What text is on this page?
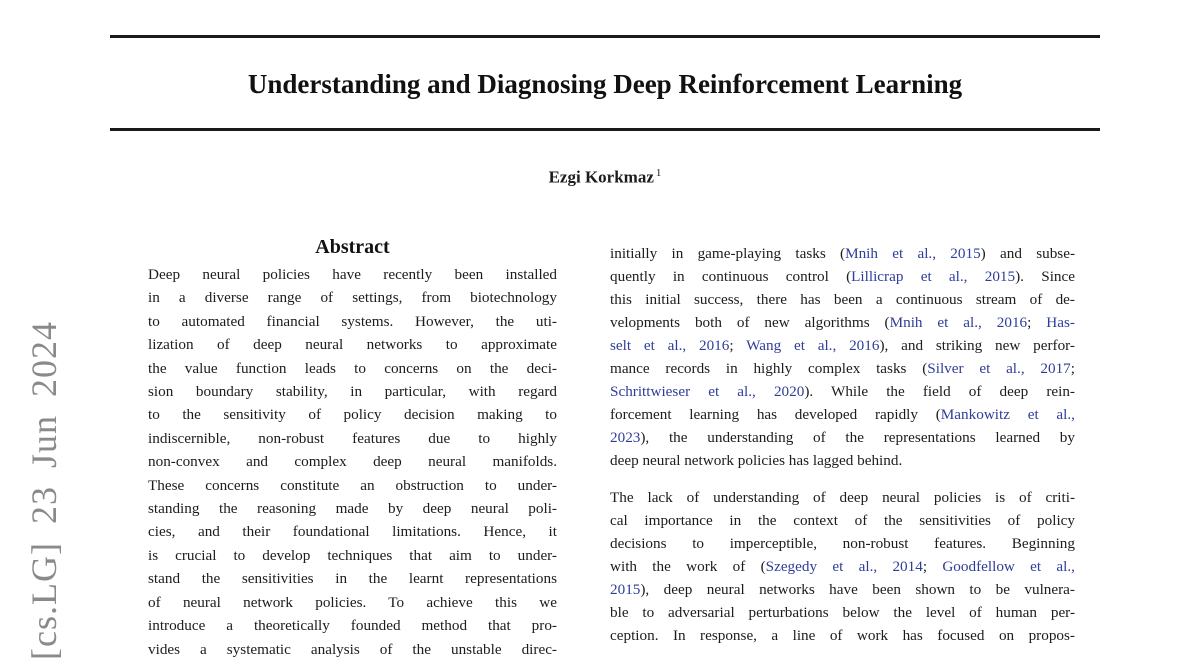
[cs.LG] 23 Jun 2024
Understanding and Diagnosing Deep Reinforcement Learning
Ezgi Korkmaz $^1$
Abstract
Deep neural policies have recently been installed
in a diverse range of settings, from biotechnology
to automated financial systems. However, the uti-
lization of deep neural networks to approximate
the value function leads to concerns on the deci-
sion boundary stability, in particular, with regard
to the sensitivity of policy decision making to
indiscernible, non-robust features due to highly
non-convex and complex deep neural manifolds.
These concerns constitute an obstruction to under-
standing the reasoning made by deep neural poli-
cies, and their foundational limitations. Hence, it
is crucial to develop techniques that aim to under-
stand the sensitivities in the learnt representations
of neural network policies. To achieve this we
introduce a theoretically founded method that pro-
vides a systematic analysis of the unstable direc-
initially in game-playing tasks (Mnih et al., 2015) and subse-
quently in continuous control (Lillicrap et al., 2015). Since
this initial success, there has been a continuous stream of de-
velopments both of new algorithms (Mnih et al., 2016; Has-
selt et al., 2016; Wang et al., 2016), and striking new perfor-
mance records in highly complex tasks (Silver et al., 2017;
Schrittwieser et al., 2020). While the field of deep rein-
forcement learning has developed rapidly (Mankowitz et al.,
2023), the understanding of the representations learned by
deep neural network policies has lagged behind.
The lack of understanding of deep neural policies is of criti-
cal importance in the context of the sensitivities of policy
decisions to imperceptible, non-robust features. Beginning
with the work of (Szegedy et al., 2014; Goodfellow et al.,
2015), deep neural networks have been shown to be vulnera-
ble to adversarial perturbations below the level of human per-
ception. In response, a line of work has focused on propos-
